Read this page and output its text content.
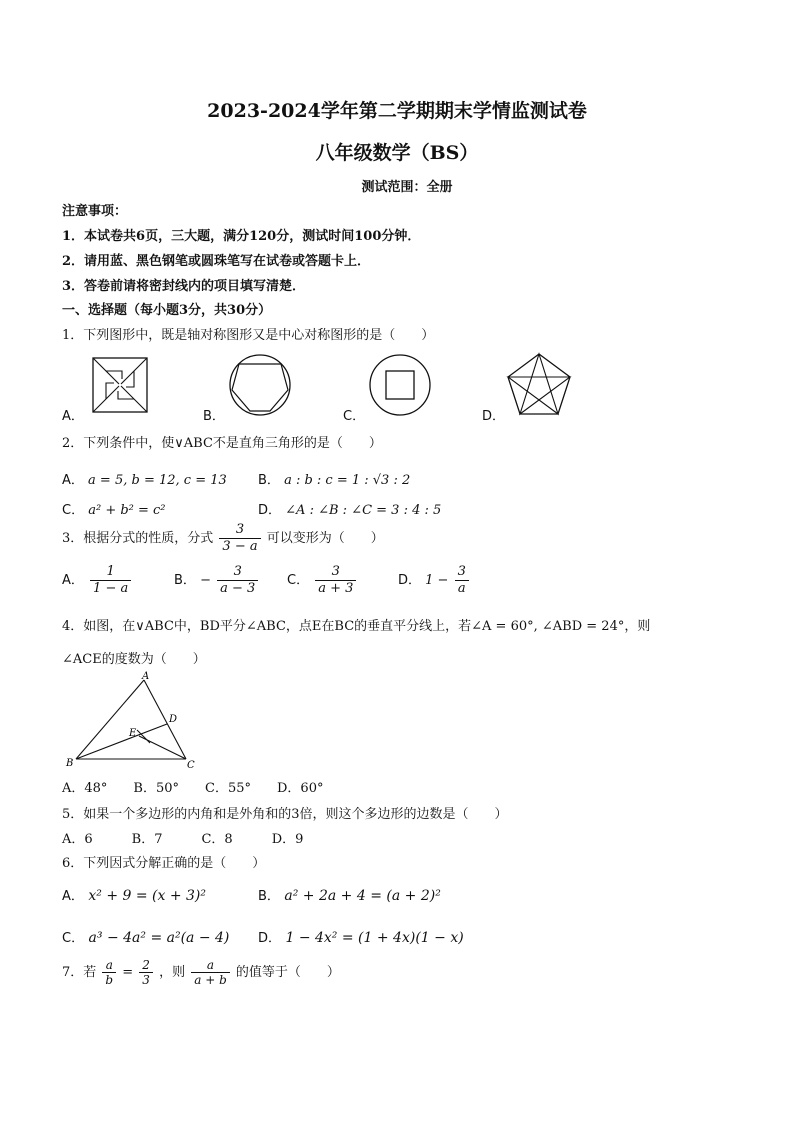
2023-2024学年第二学期期末学情监测试卷
八年级数学（BS）
测试范围：全册
注意事项：
1．本试卷共6页，三大题，满分120分，测试时间100分钟．
2．请用蓝、黑色钢笔或圆珠笔写在试卷或答题卡上．
3．答卷前请将密封线内的项目填写清楚．
一、选择题（每小题3分，共30分）
1．下列图形中，既是轴对称图形又是中心对称图形的是（　　）
A．	B．	C．	D．
2．下列条件中，使∨ABC不是直角三角形的是（　　）
A． a = 5, b = 12, c = 13 B． a : b : c = 1 : √3 : 2
C． a² + b² = c²	D． ∠A : ∠B : ∠C = 3 : 4 : 5
3．根据分式的性质，分式 $\frac{3}{3 - a}$ 可以变形为（　　）
A． $\frac{1}{1 - a}$	B． − $\frac{3}{a - 3}$ C． $\frac{3}{a + 3}$	D． $1 - \frac{3}{a}$
4．如图，在∨ABC中，BD平分∠ABC，点E在BC的垂直平分线上，若∠A = 60°, ∠ABD = 24°，则
∠ACE的度数为（　　）
A
D
E
B	C
A．48°　　B．50°　　C．55°　　D．60°
5．如果一个多边形的内角和是外角和的3倍，则这个多边形的边数是（　　）
A．6　　　B．7　　　C．8　　　D．9
6．下列因式分解正确的是（　　）
A． x² + 9 = (x + 3)²	B． a² + 2a + 4 = (a + 2)²
C． a³ − 4a² = a²(a − 4) D． 1 − 4x² = (1 + 4x)(1 − x)
7．若 $\frac{a}{b} = \frac{2}{3}$ ，则 $\frac{a}{a + b}$ 的值等于（　　）
